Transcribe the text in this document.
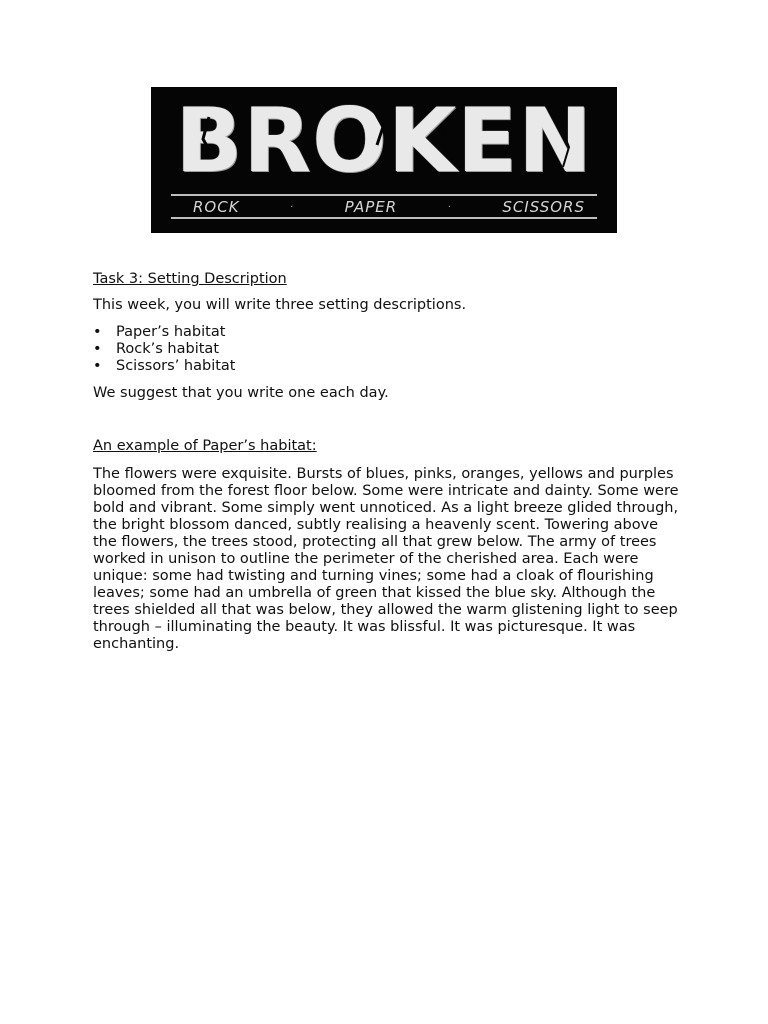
BROKEN
ROCK	·	PAPER	·	SCISSORS
Task 3: Setting Description
This week, you will write three setting descriptions.
• Paper’s habitat
• Rock’s habitat
• Scissors’ habitat
We suggest that you write one each day.
An example of Paper’s habitat:

The flowers were exquisite. Bursts of blues, pinks, oranges, yellows and purples bloomed from the forest floor below. Some were intricate and dainty. Some were bold and vibrant. Some simply went unnoticed. As a light breeze glided through, the bright blossom danced, subtly realising a heavenly scent. Towering above the flowers, the trees stood, protecting all that grew below. The army of trees worked in unison to outline the perimeter of the cherished area. Each were unique: some had twisting and turning vines; some had a cloak of flourishing leaves; some had an umbrella of green that kissed the blue sky. Although the trees shielded all that was below, they allowed the warm glistening light to seep through – illuminating the beauty. It was blissful. It was picturesque. It was enchanting.
